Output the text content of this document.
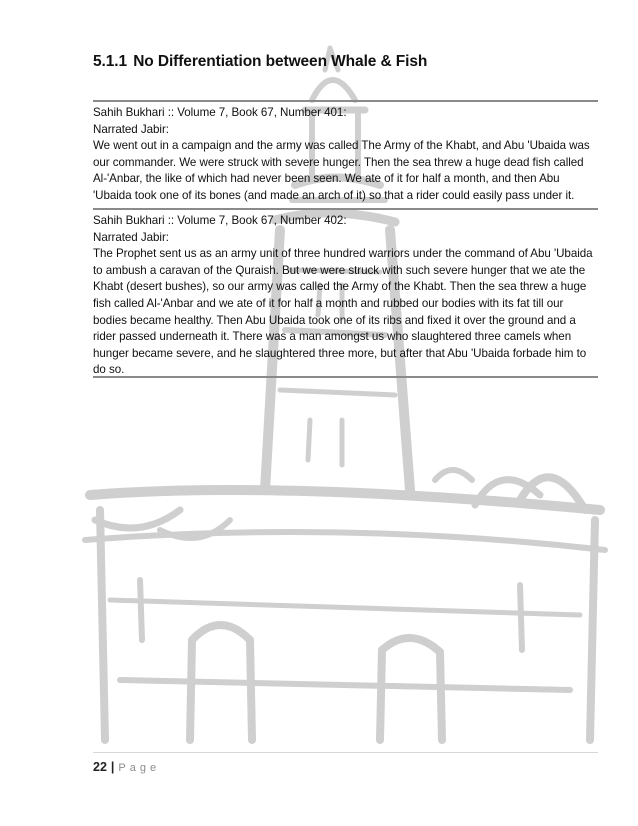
5.1.1 No Differentiation between Whale & Fish
Sahih Bukhari :: Volume 7, Book 67, Number 401:
Narrated Jabir:
We went out in a campaign and the army was called The Army of the Khabt, and Abu 'Ubaida was our commander. We were struck with severe hunger. Then the sea threw a huge dead fish called Al-'Anbar, the like of which had never been seen. We ate of it for half a month, and then Abu 'Ubaida took one of its bones (and made an arch of it) so that a rider could easily pass under it.
Sahih Bukhari :: Volume 7, Book 67, Number 402:
Narrated Jabir:
The Prophet sent us as an army unit of three hundred warriors under the command of Abu 'Ubaida to ambush a caravan of the Quraish. But we were struck with such severe hunger that we ate the Khabt (desert bushes), so our army was called the Army of the Khabt. Then the sea threw a huge fish called Al-'Anbar and we ate of it for half a month and rubbed our bodies with its fat till our bodies became healthy. Then Abu Ubaida took one of its ribs and fixed it over the ground and a rider passed underneath it. There was a man amongst us who slaughtered three camels when hunger became severe, and he slaughtered three more, but after that Abu 'Ubaida forbade him to do so.
22 | Page
